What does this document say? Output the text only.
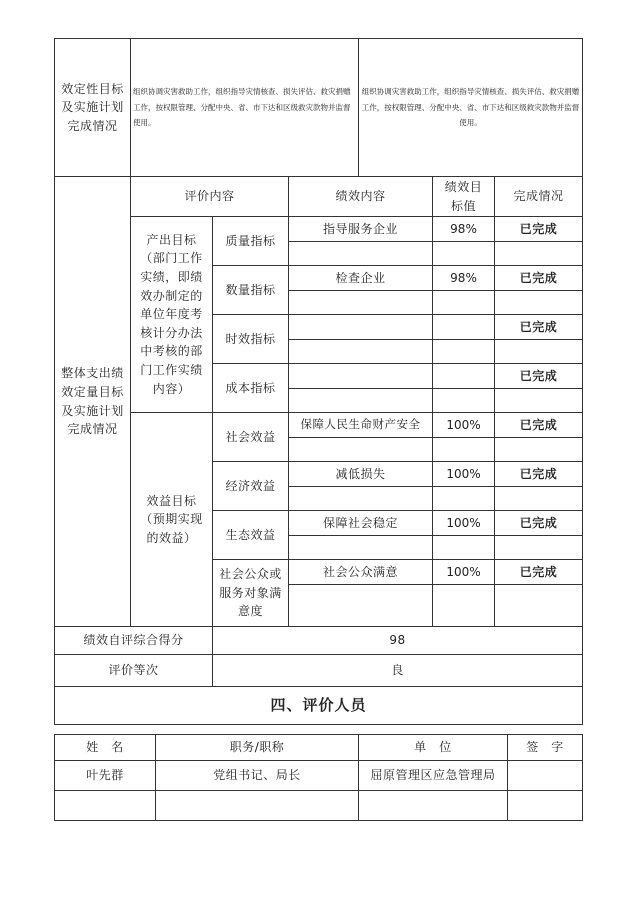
效定性目标及实施计划完成情况	组织协调灾害救助工作，组织指导灾情核查、损失评估、救灾捐赠工作，按权限管理、分配中央、省、市下达和区级救灾款物并监督使用。	组织协调灾害救助工作，组织指导灾情核查、损失评估、救灾捐赠工作，按权限管理、分配中央、省、市下达和区级救灾款物并监督使用。
整体支出绩效定量目标及实施计划完成情况	评价内容		绩效内容	绩效目标值	完成情况
	产出目标（部门工作实绩，即绩效办制定的单位年度考核计分办法中考核的部门工作实绩内容）	质量指标	指导服务企业	98%	已完成

		数量指标	检查企业	98%	已完成

		时效指标			已完成

		成本指标			已完成

	效益目标（预期实现的效益）	社会效益	保障人民生命财产安全	100%	已完成

		经济效益	减低损失	100%	已完成

		生态效益	保障社会稳定	100%	已完成

		社会公众或服务对象满意度	社会公众满意	100%	已完成

绩效自评综合得分		98			
评价等次		良			
四、评价人员					
姓　名	职务/职称	单　位	签　字
叶先群	党组书记、局长	屈原管理区应急管理局	
